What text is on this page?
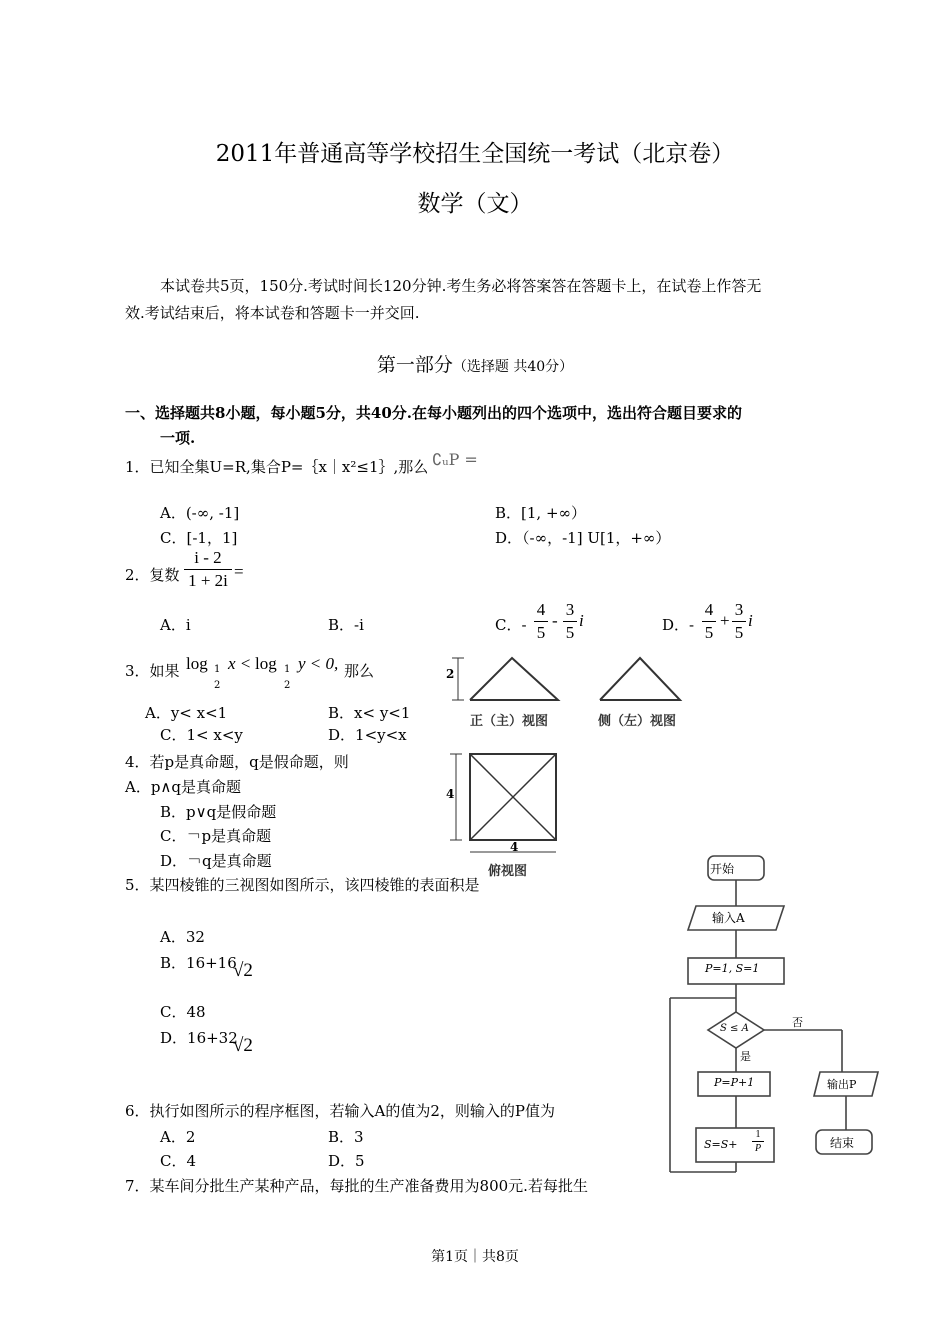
2011年普通高等学校招生全国统一考试（北京卷）
数学（文）
本试卷共5页，150分.考试时间长120分钟.考生务必将答案答在答题卡上，在试卷上作答无
效.考试结束后，将本试卷和答题卡一并交回.
第一部分（选择题 共40分）
一、选择题共8小题，每小题5分，共40分.在每小题列出的四个选项中，选出符合题目要求的
一项.
1．已知全集U=R,集合P=｛x｜x²≤1｝,那么 ∁ᵤP =
A．(-∞, -1]	B．[1, +∞）
C．[-1，1]	D．（-∞，-1] U[1，+∞）
2．复数
i - 2
1 + 2i =
A．i	B．-i	C．-
4
5
-
3
5
i	D．-
4
5
+
3
5
i
3．如果 log 1
2
x < log 1
2
y < 0, 那么
A．y< x<1	B．x< y<1
C．1< x<y	D．1<y<x
4．若p是真命题，q是假命题，则
A．p∧q是真命题
B．p∨q是假命题
C．￢p是真命题
D．￢q是真命题
5．某四棱锥的三视图如图所示，该四棱锥的表面积是
A．32
B．16+16
√2
C．48
D．16+32
√2
6．执行如图所示的程序框图，若输入A的值为2，则输入的P值为
A．2	B．3
C．4	D．5
7．某车间分批生产某种产品，每批的生产准备费用为800元.若每批生
2
正（主）视图	侧（左）视图
4
4
俯视图	开始
输入A
P=1, S=1
S ≤ A	否
是
P=P+1	输出P
S=S+
1
P	结束
第1页｜共8页
